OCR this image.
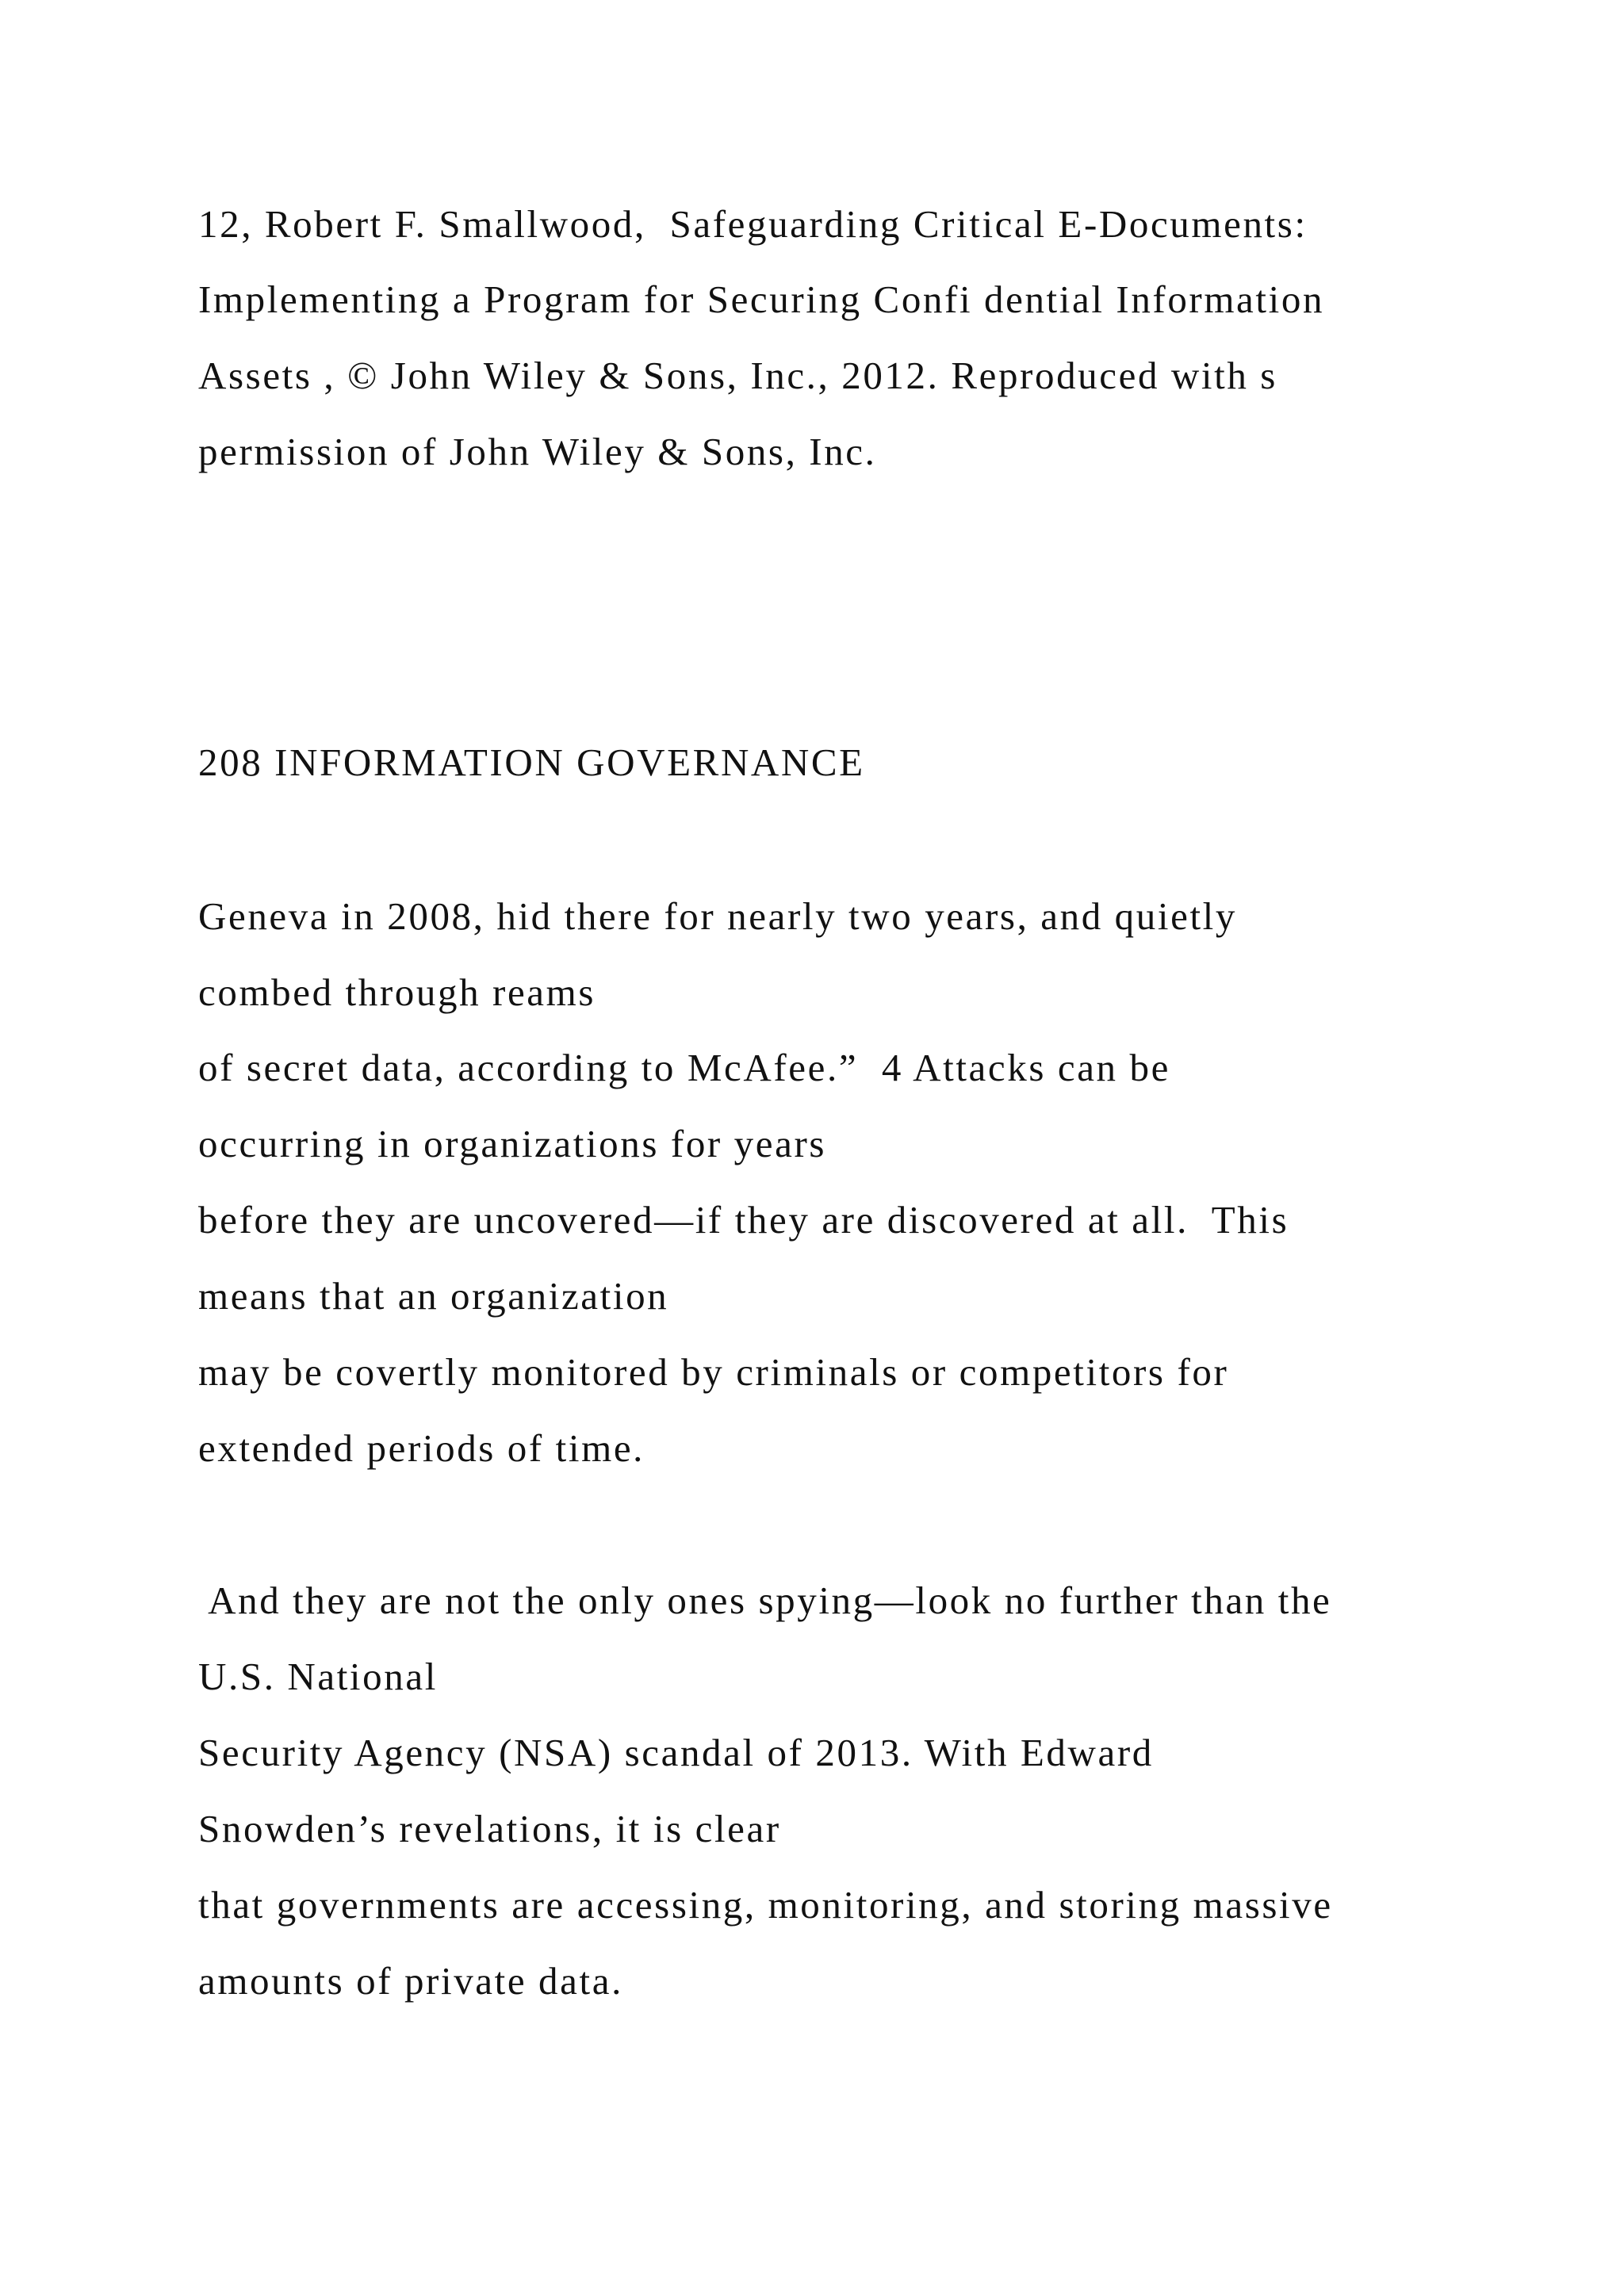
12, Robert F. Smallwood,  Safeguarding Critical E-Documents:
Implementing a Program for Securing Confi dential Information
Assets , © John Wiley & Sons, Inc., 2012. Reproduced with s
permission of John Wiley & Sons, Inc.
208 INFORMATION GOVERNANCE
Geneva in 2008, hid there for nearly two years, and quietly
combed through reams
of secret data, according to McAfee.”  4 Attacks can be
occurring in organizations for years
before they are uncovered—if they are discovered at all.  This
means that an organization
may be covertly monitored by criminals or competitors for
extended periods of time.
And they are not the only ones spying—look no further than the
U.S. National
Security Agency (NSA) scandal of 2013. With Edward
Snowden’s revelations, it is clear
that governments are accessing, monitoring, and storing massive
amounts of private data.
